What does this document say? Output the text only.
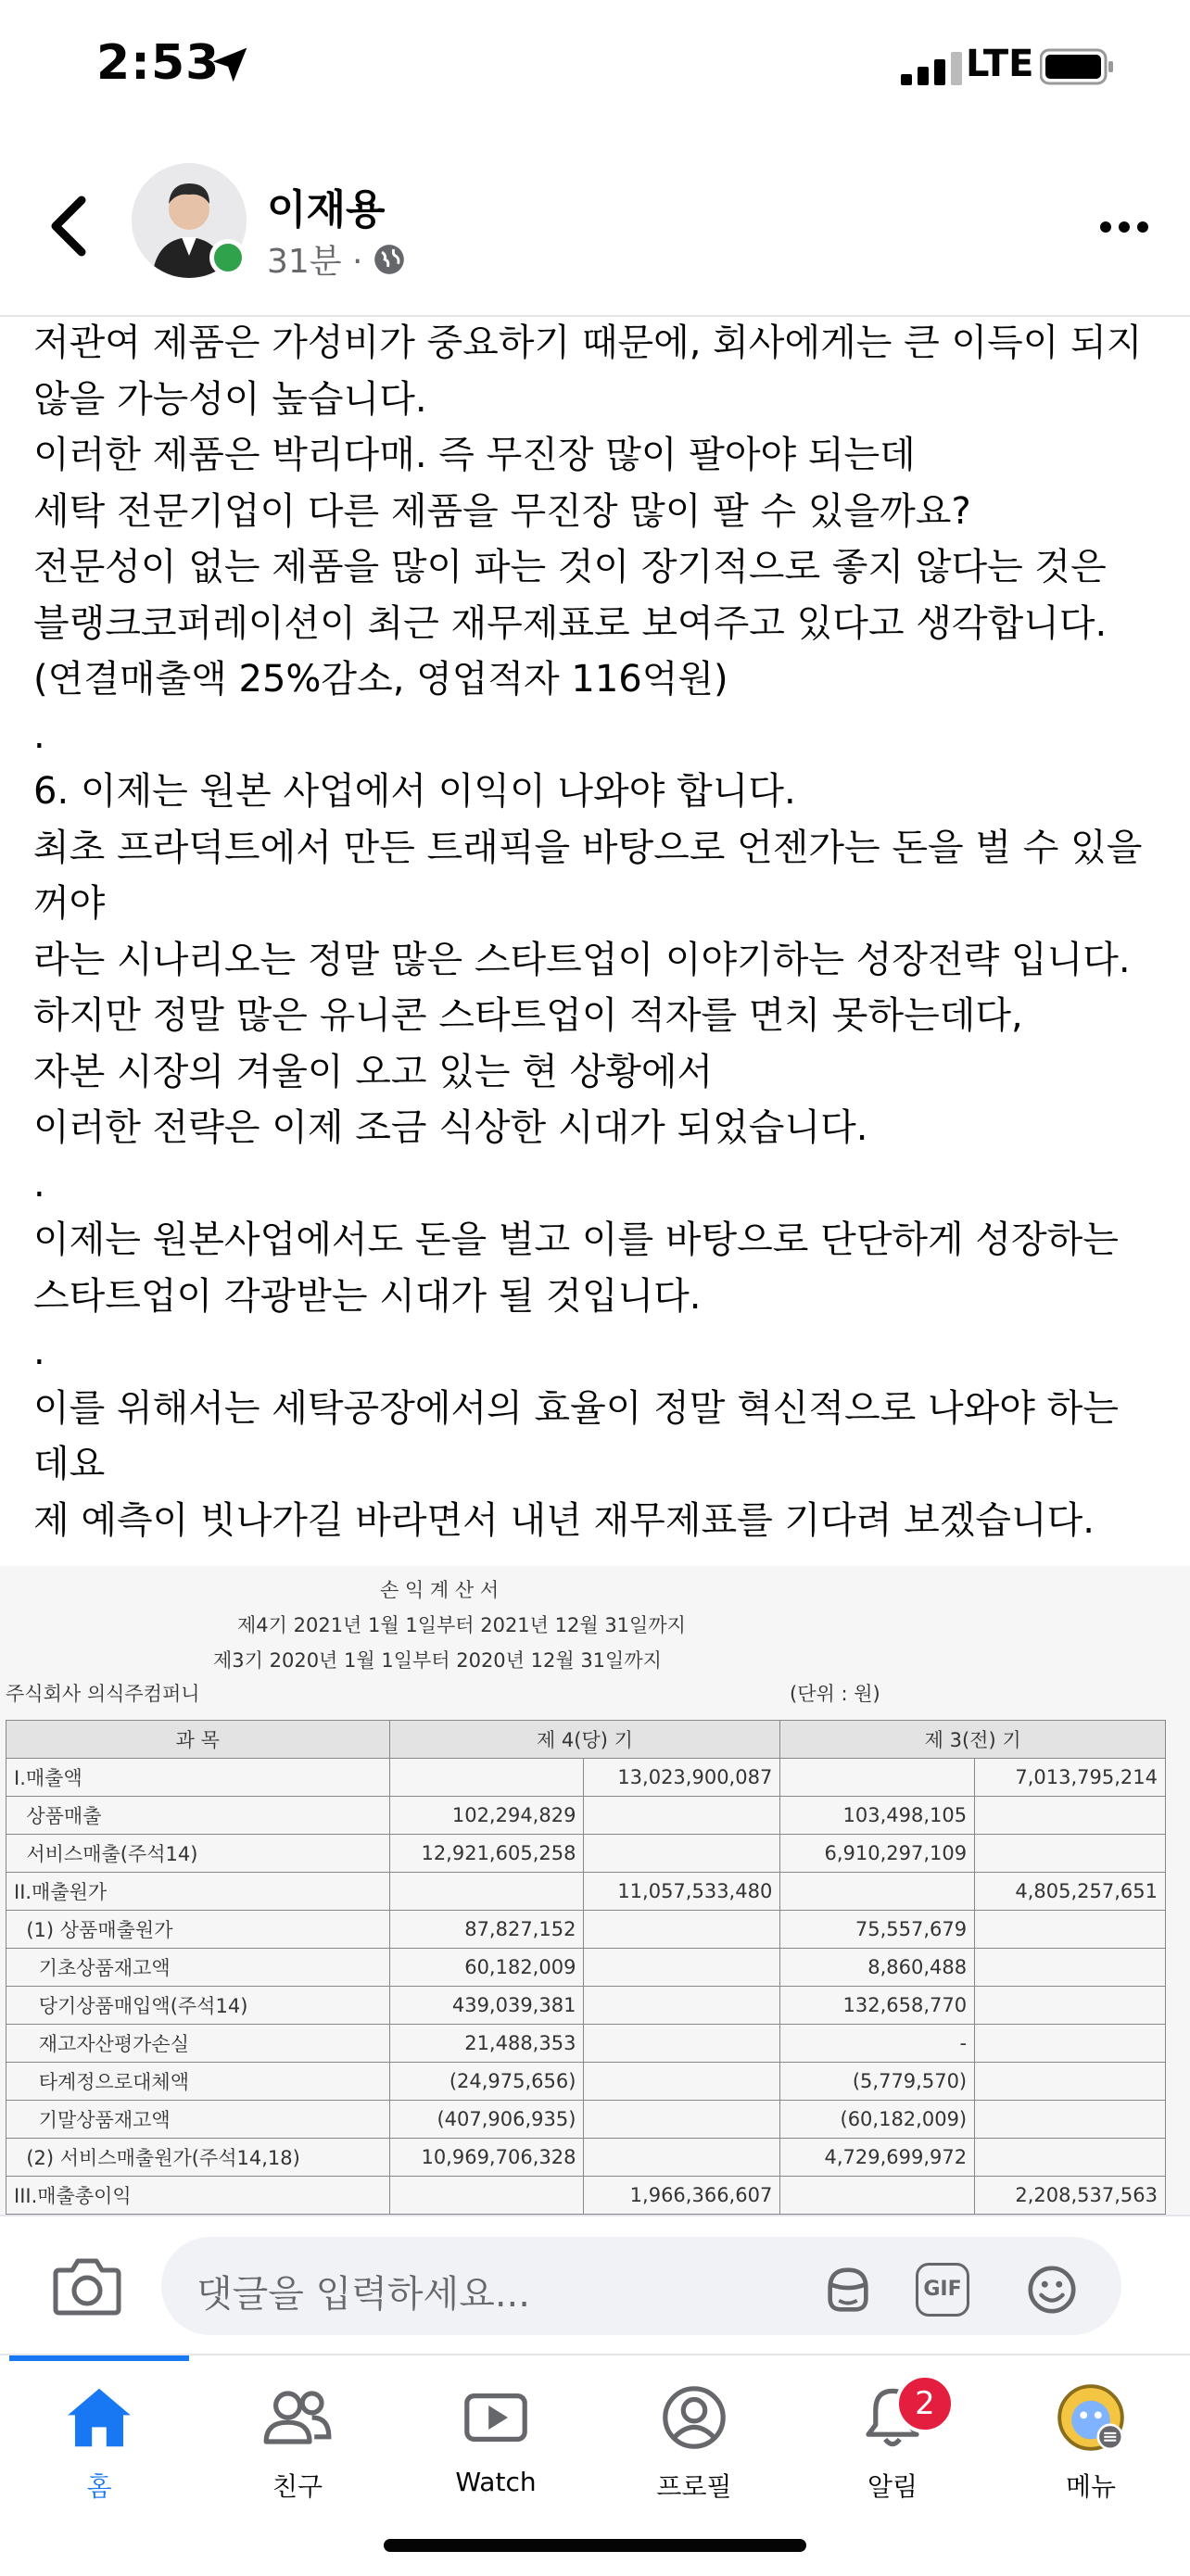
2:53	LTE
이재용
31분 ·

저관여 제품은 가성비가 중요하기 때문에, 회사에게는 큰 이득이 되지

않을 가능성이 높습니다.

이러한 제품은 박리다매. 즉 무진장 많이 팔아야 되는데

세탁 전문기업이 다른 제품을 무진장 많이 팔 수 있을까요?

전문성이 없는 제품을 많이 파는 것이 장기적으로 좋지 않다는 것은

블랭크코퍼레이션이 최근 재무제표로 보여주고 있다고 생각합니다.

(연결매출액 25%감소, 영업적자 116억원)

.

6. 이제는 원본 사업에서 이익이 나와야 합니다.

최초 프라덕트에서 만든 트래픽을 바탕으로 언젠가는 돈을 벌 수 있을

꺼야

라는 시나리오는 정말 많은 스타트업이 이야기하는 성장전략 입니다.

하지만 정말 많은 유니콘 스타트업이 적자를 면치 못하는데다,

자본 시장의 겨울이 오고 있는 현 상황에서

이러한 전략은 이제 조금 식상한 시대가 되었습니다.

.

이제는 원본사업에서도 돈을 벌고 이를 바탕으로 단단하게 성장하는

스타트업이 각광받는 시대가 될 것입니다.

.

이를 위해서는 세탁공장에서의 효율이 정말 혁신적으로 나와야 하는

데요

제 예측이 빗나가길 바라면서 내년 재무제표를 기다려 보겠습니다.

손 익 계 산 서
제4기 2021년 1월 1일부터 2021년 12월 31일까지
제3기 2020년 1월 1일부터 2020년 12월 31일까지
주식회사 의식주컴퍼니	(단위 : 원)
과 목	제 4(당) 기		제 3(전) 기	
I.매출액		13,023,900,087		7,013,795,214
상품매출	102,294,829		103,498,105	
서비스매출(주석14)	12,921,605,258		6,910,297,109	
II.매출원가		11,057,533,480		4,805,257,651
(1) 상품매출원가	87,827,152		75,557,679	
기초상품재고액	60,182,009		8,860,488	
당기상품매입액(주석14)	439,039,381		132,658,770	
재고자산평가손실	21,488,353		-	
타계정으로대체액	(24,975,656)		(5,779,570)	
기말상품재고액	(407,906,935)		(60,182,009)	
(2) 서비스매출원가(주석14,18)	10,969,706,328		4,729,699,972	
III.매출총이익		1,966,366,607		2,208,537,563
댓글을 입력하세요...	GIF
홈	친구	Watch	프로필
2
알림	메뉴
